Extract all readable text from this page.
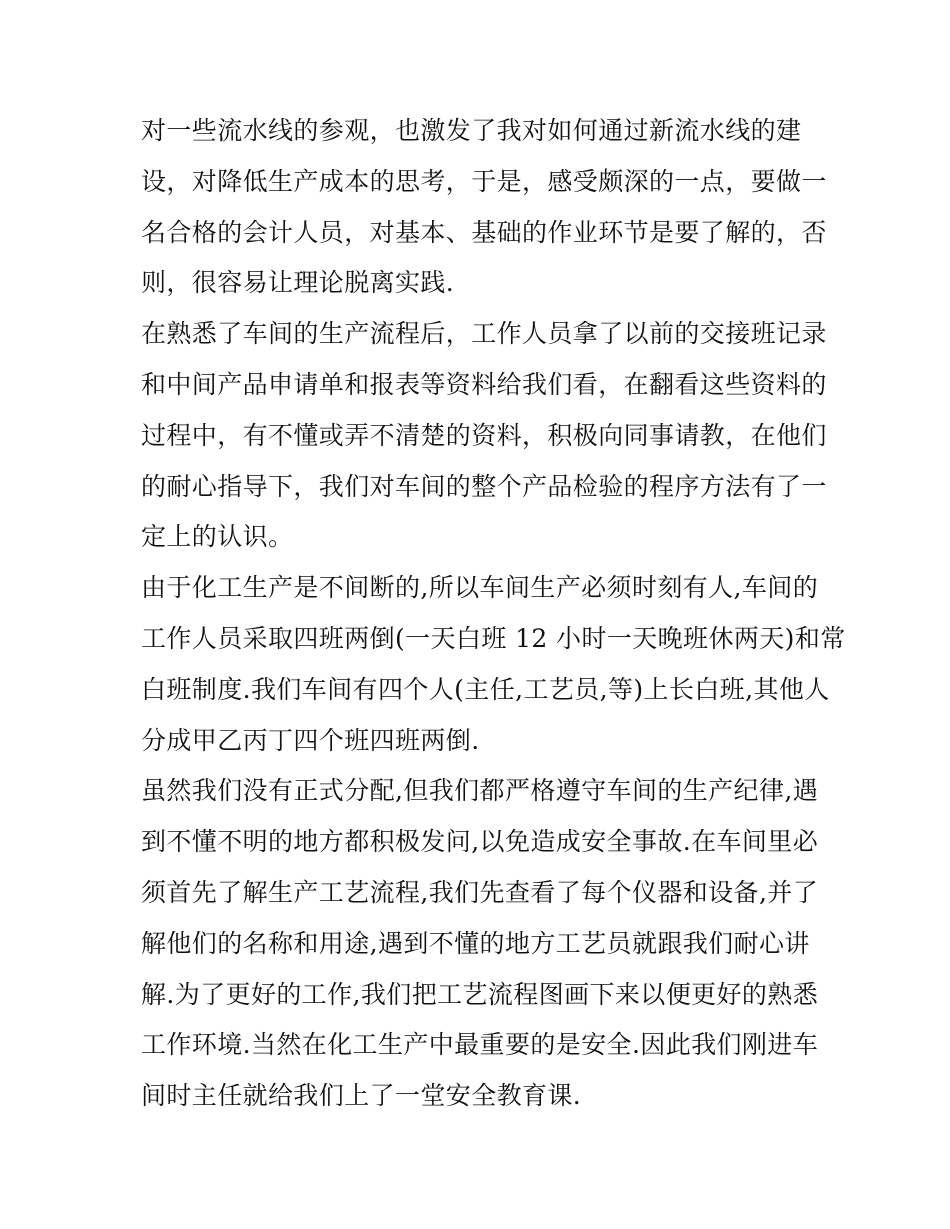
对一些流水线的参观，也激发了我对如何通过新流水线的建
设，对降低生产成本的思考，于是，感受颇深的一点，要做一
名合格的会计人员，对基本、基础的作业环节是要了解的，否
则，很容易让理论脱离实践.
在熟悉了车间的生产流程后，工作人员拿了以前的交接班记录
和中间产品申请单和报表等资料给我们看，在翻看这些资料的
过程中，有不懂或弄不清楚的资料，积极向同事请教，在他们
的耐心指导下，我们对车间的整个产品检验的程序方法有了一
定上的认识。
由于化工生产是不间断的,所以车间生产必须时刻有人,车间的
工作人员采取四班两倒(一天白班 12 小时一天晚班休两天)和常
白班制度.我们车间有四个人(主任,工艺员,等)上长白班,其他人
分成甲乙丙丁四个班四班两倒.
虽然我们没有正式分配,但我们都严格遵守车间的生产纪律,遇
到不懂不明的地方都积极发问,以免造成安全事故.在车间里必
须首先了解生产工艺流程,我们先查看了每个仪器和设备,并了
解他们的名称和用途,遇到不懂的地方工艺员就跟我们耐心讲
解.为了更好的工作,我们把工艺流程图画下来以便更好的熟悉
工作环境.当然在化工生产中最重要的是安全.因此我们刚进车
间时主任就给我们上了一堂安全教育课.
